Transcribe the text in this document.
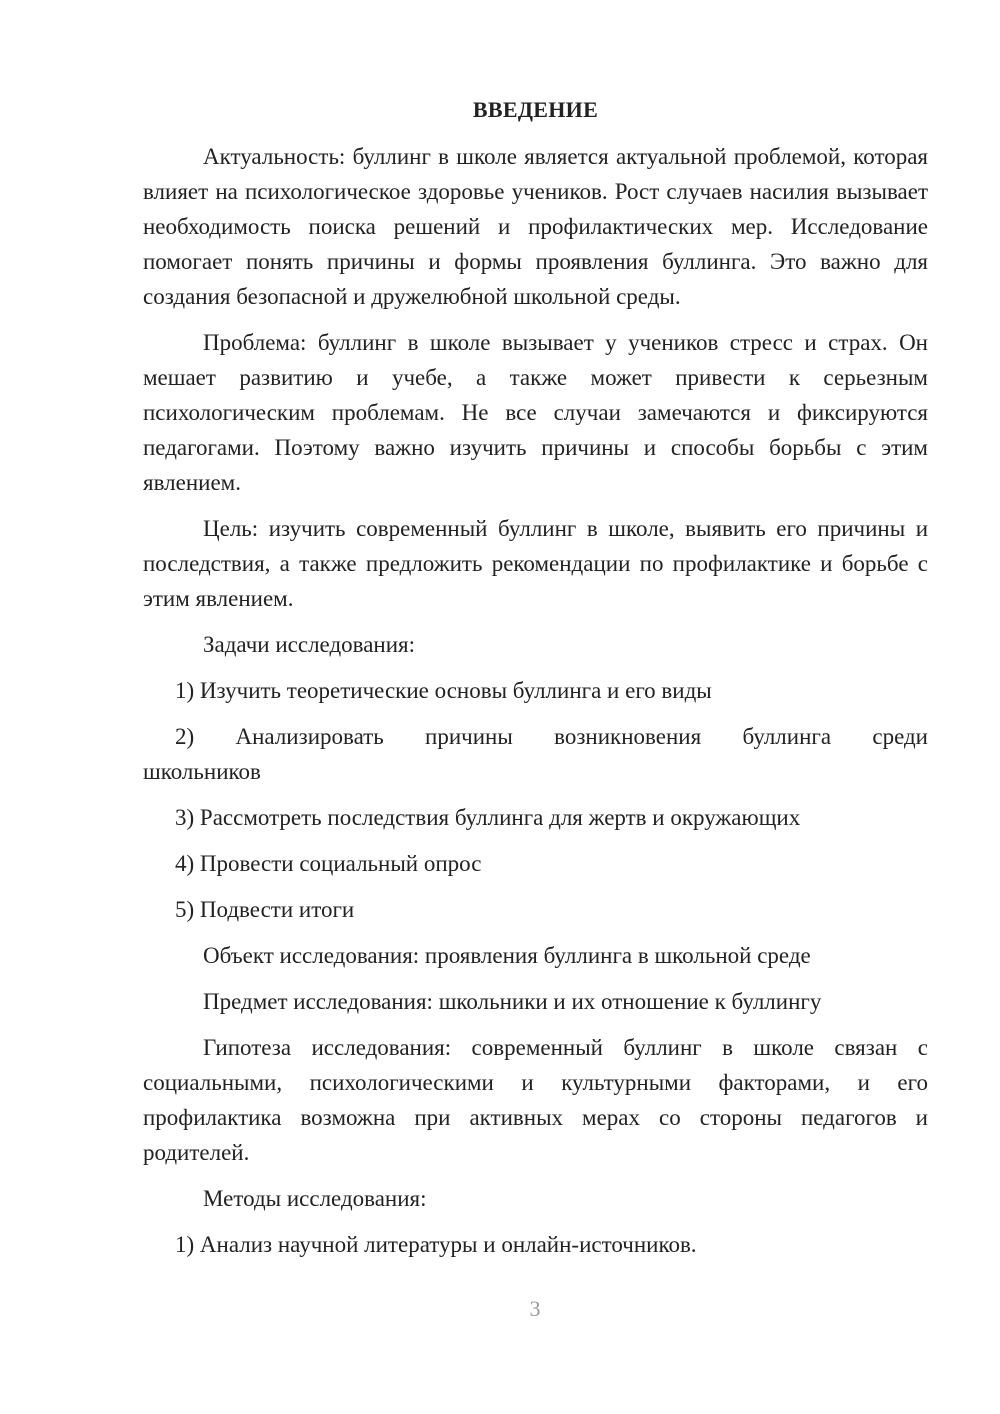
ВВЕДЕНИЕ

Актуальность: буллинг в школе является актуальной проблемой, которая влияет на психологическое здоровье учеников. Рост случаев насилия вызывает необходимость поиска решений и профилактических мер. Исследование помогает понять причины и формы проявления буллинга. Это важно для создания безопасной и дружелюбной школьной среды.

Проблема: буллинг в школе вызывает у учеников стресс и страх. Он мешает развитию и учебе, а также может привести к серьезным психологическим проблемам. Не все случаи замечаются и фиксируются педагогами. Поэтому важно изучить причины и способы борьбы с этим явлением.

Цель: изучить современный буллинг в школе, выявить его причины и последствия, а также предложить рекомендации по профилактике и борьбе с этим явлением.

Задачи исследования:

1) Изучить теоретические основы буллинга и его виды

2) Анализировать причины возникновения буллинга среди

школьников

3) Рассмотреть последствия буллинга для жертв и окружающих

4) Провести социальный опрос

5) Подвести итоги

Объект исследования: проявления буллинга в школьной среде

Предмет исследования: школьники и их отношение к буллингу

Гипотеза исследования: современный буллинг в школе связан с социальными, психологическими и культурными факторами, и его профилактика возможна при активных мерах со стороны педагогов и родителей.

Методы исследования:

1) Анализ научной литературы и онлайн-источников.

3
